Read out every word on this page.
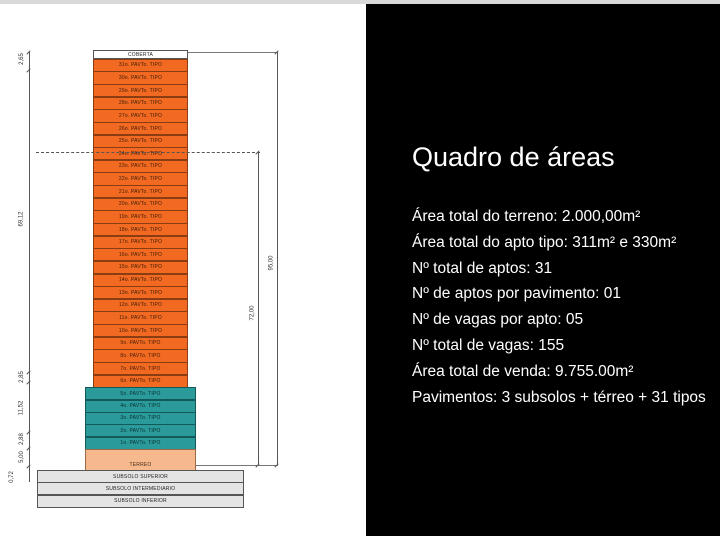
COBERTA
31o. PAVTo. TIPO
30o. PAVTo. TIPO
29o. PAVTo. TIPO
28o. PAVTo. TIPO
27o. PAVTo. TIPO
26o. PAVTo. TIPO
25o. PAVTo. TIPO
24o. PAVTo. TIPO
23o. PAVTo. TIPO
22o. PAVTo. TIPO
21o. PAVTo. TIPO
20o. PAVTo. TIPO
19o. PAVTo. TIPO
18o. PAVTo. TIPO
17o. PAVTo. TIPO
16o. PAVTo. TIPO
15o. PAVTo. TIPO
14o. PAVTo. TIPO
13o. PAVTo. TIPO
12o. PAVTo. TIPO
11o. PAVTo. TIPO
10o. PAVTo. TIPO
9o. PAVTo. TIPO
8o. PAVTo. TIPO
7o. PAVTo. TIPO
6o. PAVTo. TIPO
5o. PAVTo. TIPO
4o. PAVTo. TIPO
3o. PAVTo. TIPO
2o. PAVTo. TIPO
1o. PAVTo. TIPO
TERREO
SUBSOLO SUPERIOR
SUBSOLO INTERMEDIARIO
SUBSOLO INFERIOR
2,65
69,12
2,85
11,52
2,88
5,00
0,72
95,00
72,00
Quadro de áreas
Área total do terreno: 2.000,00m²
Área total do apto tipo: 311m² e 330m²
Nº total de aptos: 31
Nº de aptos por pavimento: 01
Nº de vagas por apto: 05
Nº total de vagas: 155
Área total de venda: 9.755.00m²
Pavimentos: 3 subsolos + térreo + 31 tipos
